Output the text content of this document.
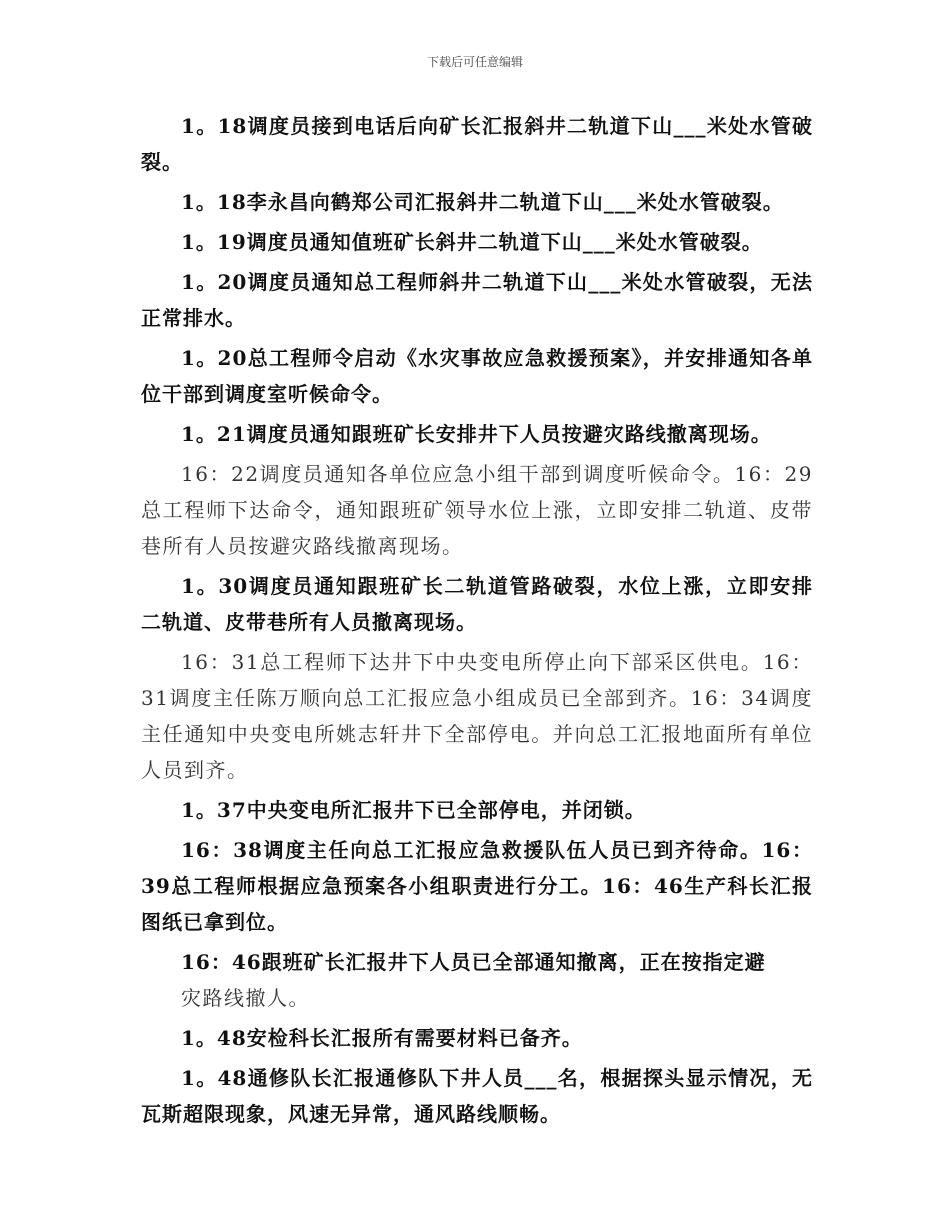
下载后可任意编辑

1。18调度员接到电话后向矿长汇报斜井二轨道下山___米处水管破裂。

1。18李永昌向鹤郑公司汇报斜井二轨道下山___米处水管破裂。

1。19调度员通知值班矿长斜井二轨道下山___米处水管破裂。

1。20调度员通知总工程师斜井二轨道下山___米处水管破裂，无法正常排水。

1。20总工程师令启动《水灾事故应急救援预案》，并安排通知各单位干部到调度室听候命令。

1。21调度员通知跟班矿长安排井下人员按避灾路线撤离现场。

16：22调度员通知各单位应急小组干部到调度听候命令。16：29总工程师下达命令，通知跟班矿领导水位上涨，立即安排二轨道、皮带巷所有人员按避灾路线撤离现场。

1。30调度员通知跟班矿长二轨道管路破裂，水位上涨，立即安排二轨道、皮带巷所有人员撤离现场。

16：31总工程师下达井下中央变电所停止向下部采区供电。16：31调度主任陈万顺向总工汇报应急小组成员已全部到齐。16：34调度主任通知中央变电所姚志轩井下全部停电。并向总工汇报地面所有单位人员到齐。

1。37中央变电所汇报井下已全部停电，并闭锁。

16：38调度主任向总工汇报应急救援队伍人员已到齐待命。16：39总工程师根据应急预案各小组职责进行分工。16：46生产科长汇报图纸已拿到位。

16：46跟班矿长汇报井下人员已全部通知撤离，正在按指定避

灾路线撤人。

1。48安检科长汇报所有需要材料已备齐。

1。48通修队长汇报通修队下井人员___名，根据探头显示情况，无瓦斯超限现象，风速无异常，通风路线顺畅。
